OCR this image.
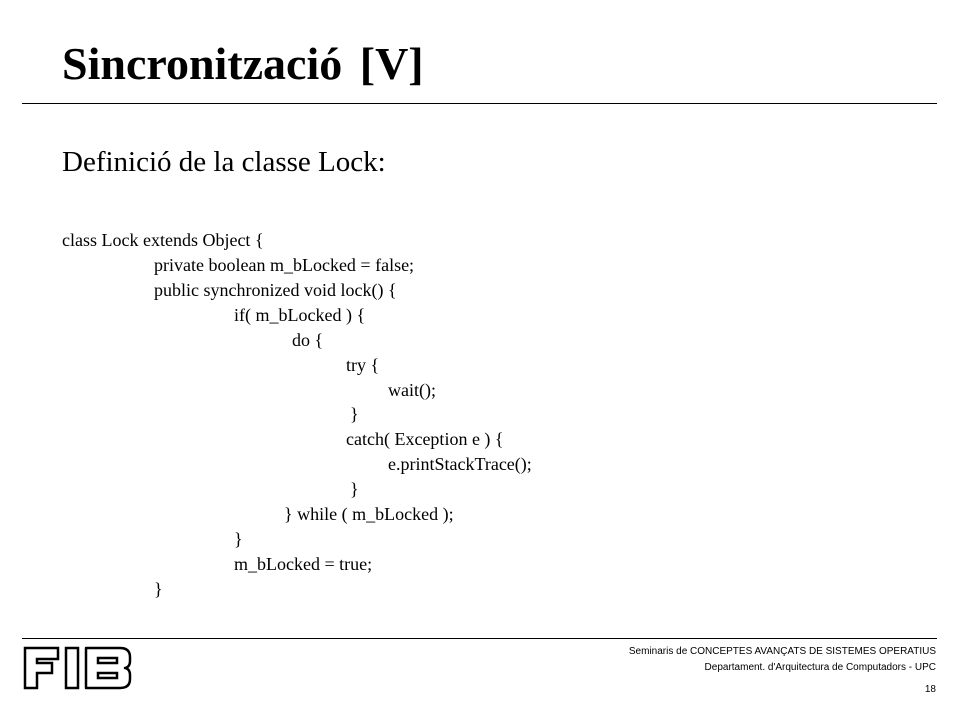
Sincronització [V]
Definició de la classe Lock:
class Lock extends Object {
private boolean m_bLocked = false;
public synchronized void lock() {
if( m_bLocked ) {
do {
try {
wait();
}
catch( Exception e ) {
e.printStackTrace();
}
} while ( m_bLocked );
}
m_bLocked = true;
}
Seminaris de CONCEPTES AVANÇATS DE SISTEMES OPERATIUS
Departament. d'Arquitectura de Computadors - UPC
18
